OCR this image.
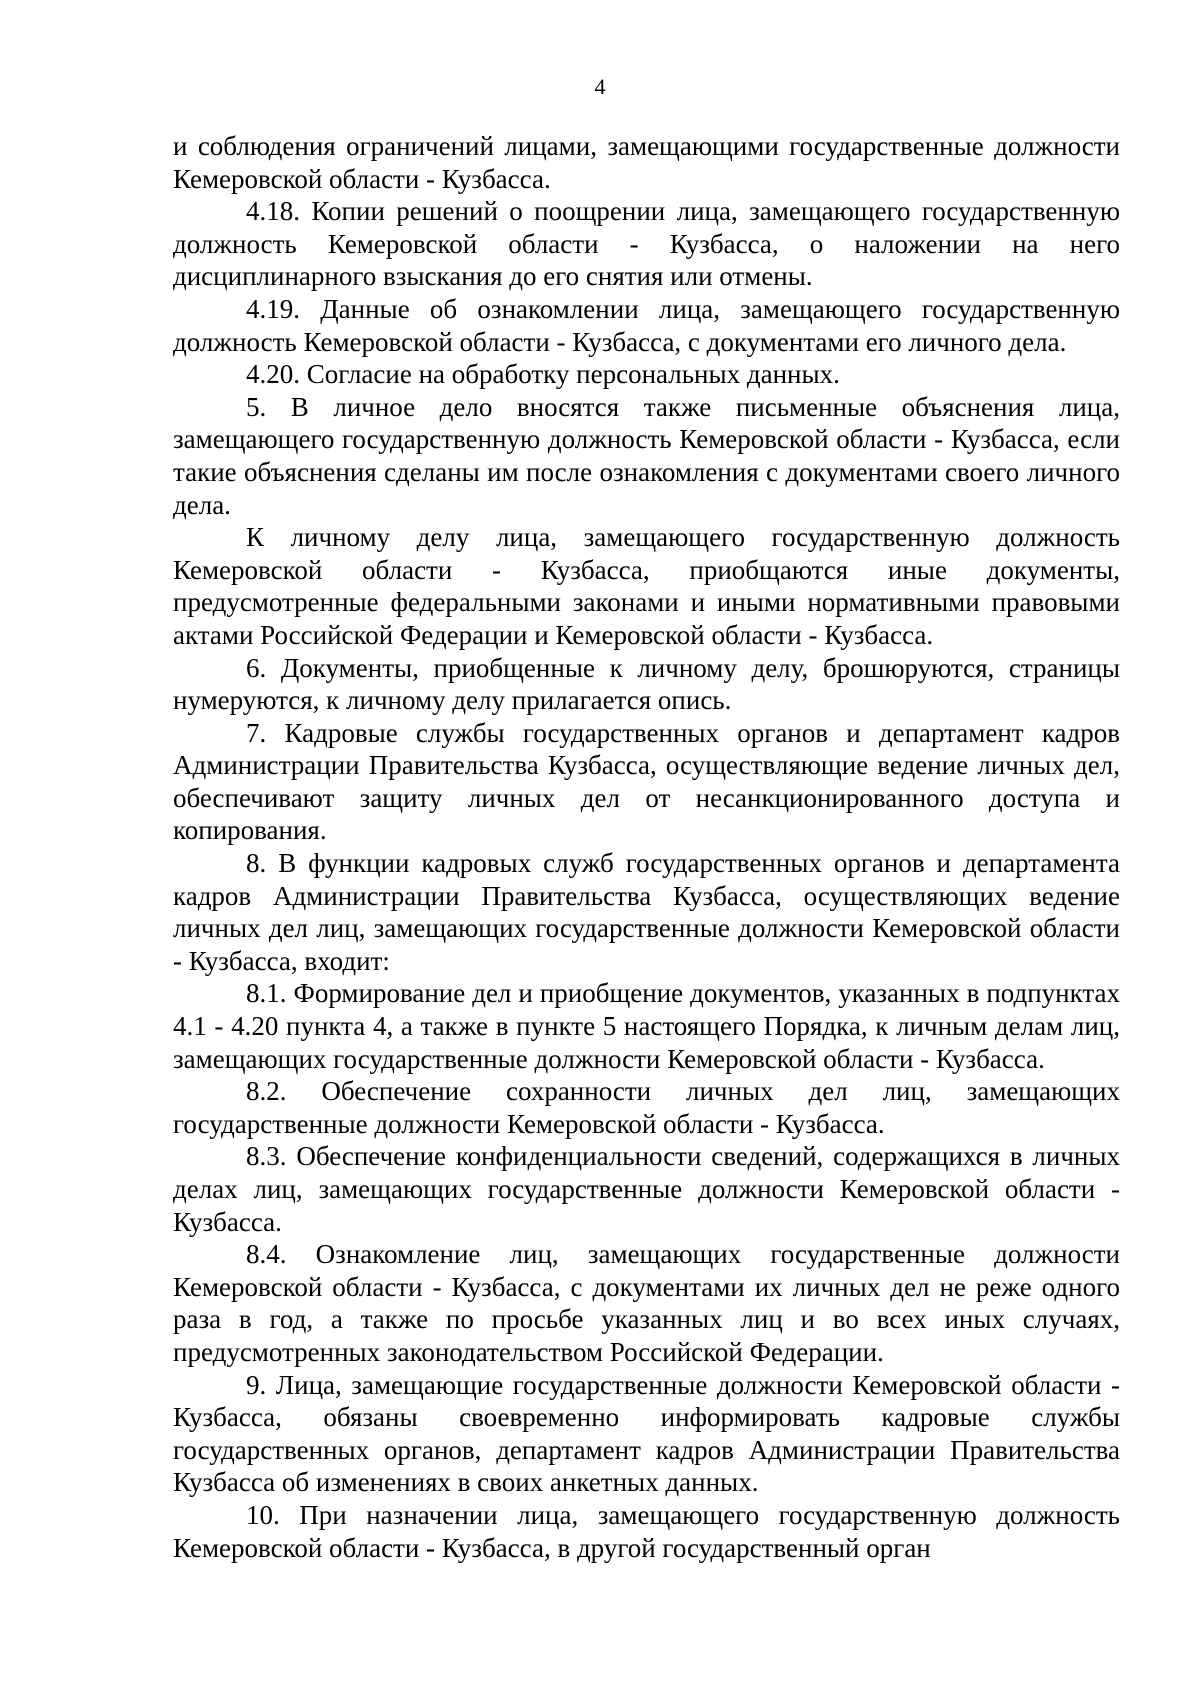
4

и соблюдения ограничений лицами, замещающими государственные должности Кемеровской области - Кузбасса.

4.18. Копии решений о поощрении лица, замещающего государственную должность Кемеровской области - Кузбасса, о наложении на него дисциплинарного взыскания до его снятия или отмены.

4.19. Данные об ознакомлении лица, замещающего государственную должность Кемеровской области - Кузбасса, с документами его личного дела.

4.20. Согласие на обработку персональных данных.

5. В личное дело вносятся также письменные объяснения лица, замещающего государственную должность Кемеровской области - Кузбасса, если такие объяснения сделаны им после ознакомления с документами своего личного дела.

К личному делу лица, замещающего государственную должность Кемеровской области - Кузбасса, приобщаются иные документы, предусмотренные федеральными законами и иными нормативными правовыми актами Российской Федерации и Кемеровской области - Кузбасса.

6. Документы, приобщенные к личному делу, брошюруются, страницы нумеруются, к личному делу прилагается опись.

7. Кадровые службы государственных органов и департамент кадров Администрации Правительства Кузбасса, осуществляющие ведение личных дел, обеспечивают защиту личных дел от несанкционированного доступа и копирования.

8. В функции кадровых служб государственных органов и департамента кадров Администрации Правительства Кузбасса, осуществляющих ведение личных дел лиц, замещающих государственные должности Кемеровской области - Кузбасса, входит:

8.1. Формирование дел и приобщение документов, указанных в подпунктах 4.1 - 4.20 пункта 4, а также в пункте 5 настоящего Порядка, к личным делам лиц, замещающих государственные должности Кемеровской области - Кузбасса.

8.2. Обеспечение сохранности личных дел лиц, замещающих государственные должности Кемеровской области - Кузбасса.

8.3. Обеспечение конфиденциальности сведений, содержащихся в личных делах лиц, замещающих государственные должности Кемеровской области - Кузбасса.

8.4. Ознакомление лиц, замещающих государственные должности Кемеровской области - Кузбасса, с документами их личных дел не реже одного раза в год, а также по просьбе указанных лиц и во всех иных случаях, предусмотренных законодательством Российской Федерации.

9. Лица, замещающие государственные должности Кемеровской области - Кузбасса, обязаны своевременно информировать кадровые службы государственных органов, департамент кадров Администрации Правительства Кузбасса об изменениях в своих анкетных данных.

10. При назначении лица, замещающего государственную должность Кемеровской области - Кузбасса, в другой государственный орган
